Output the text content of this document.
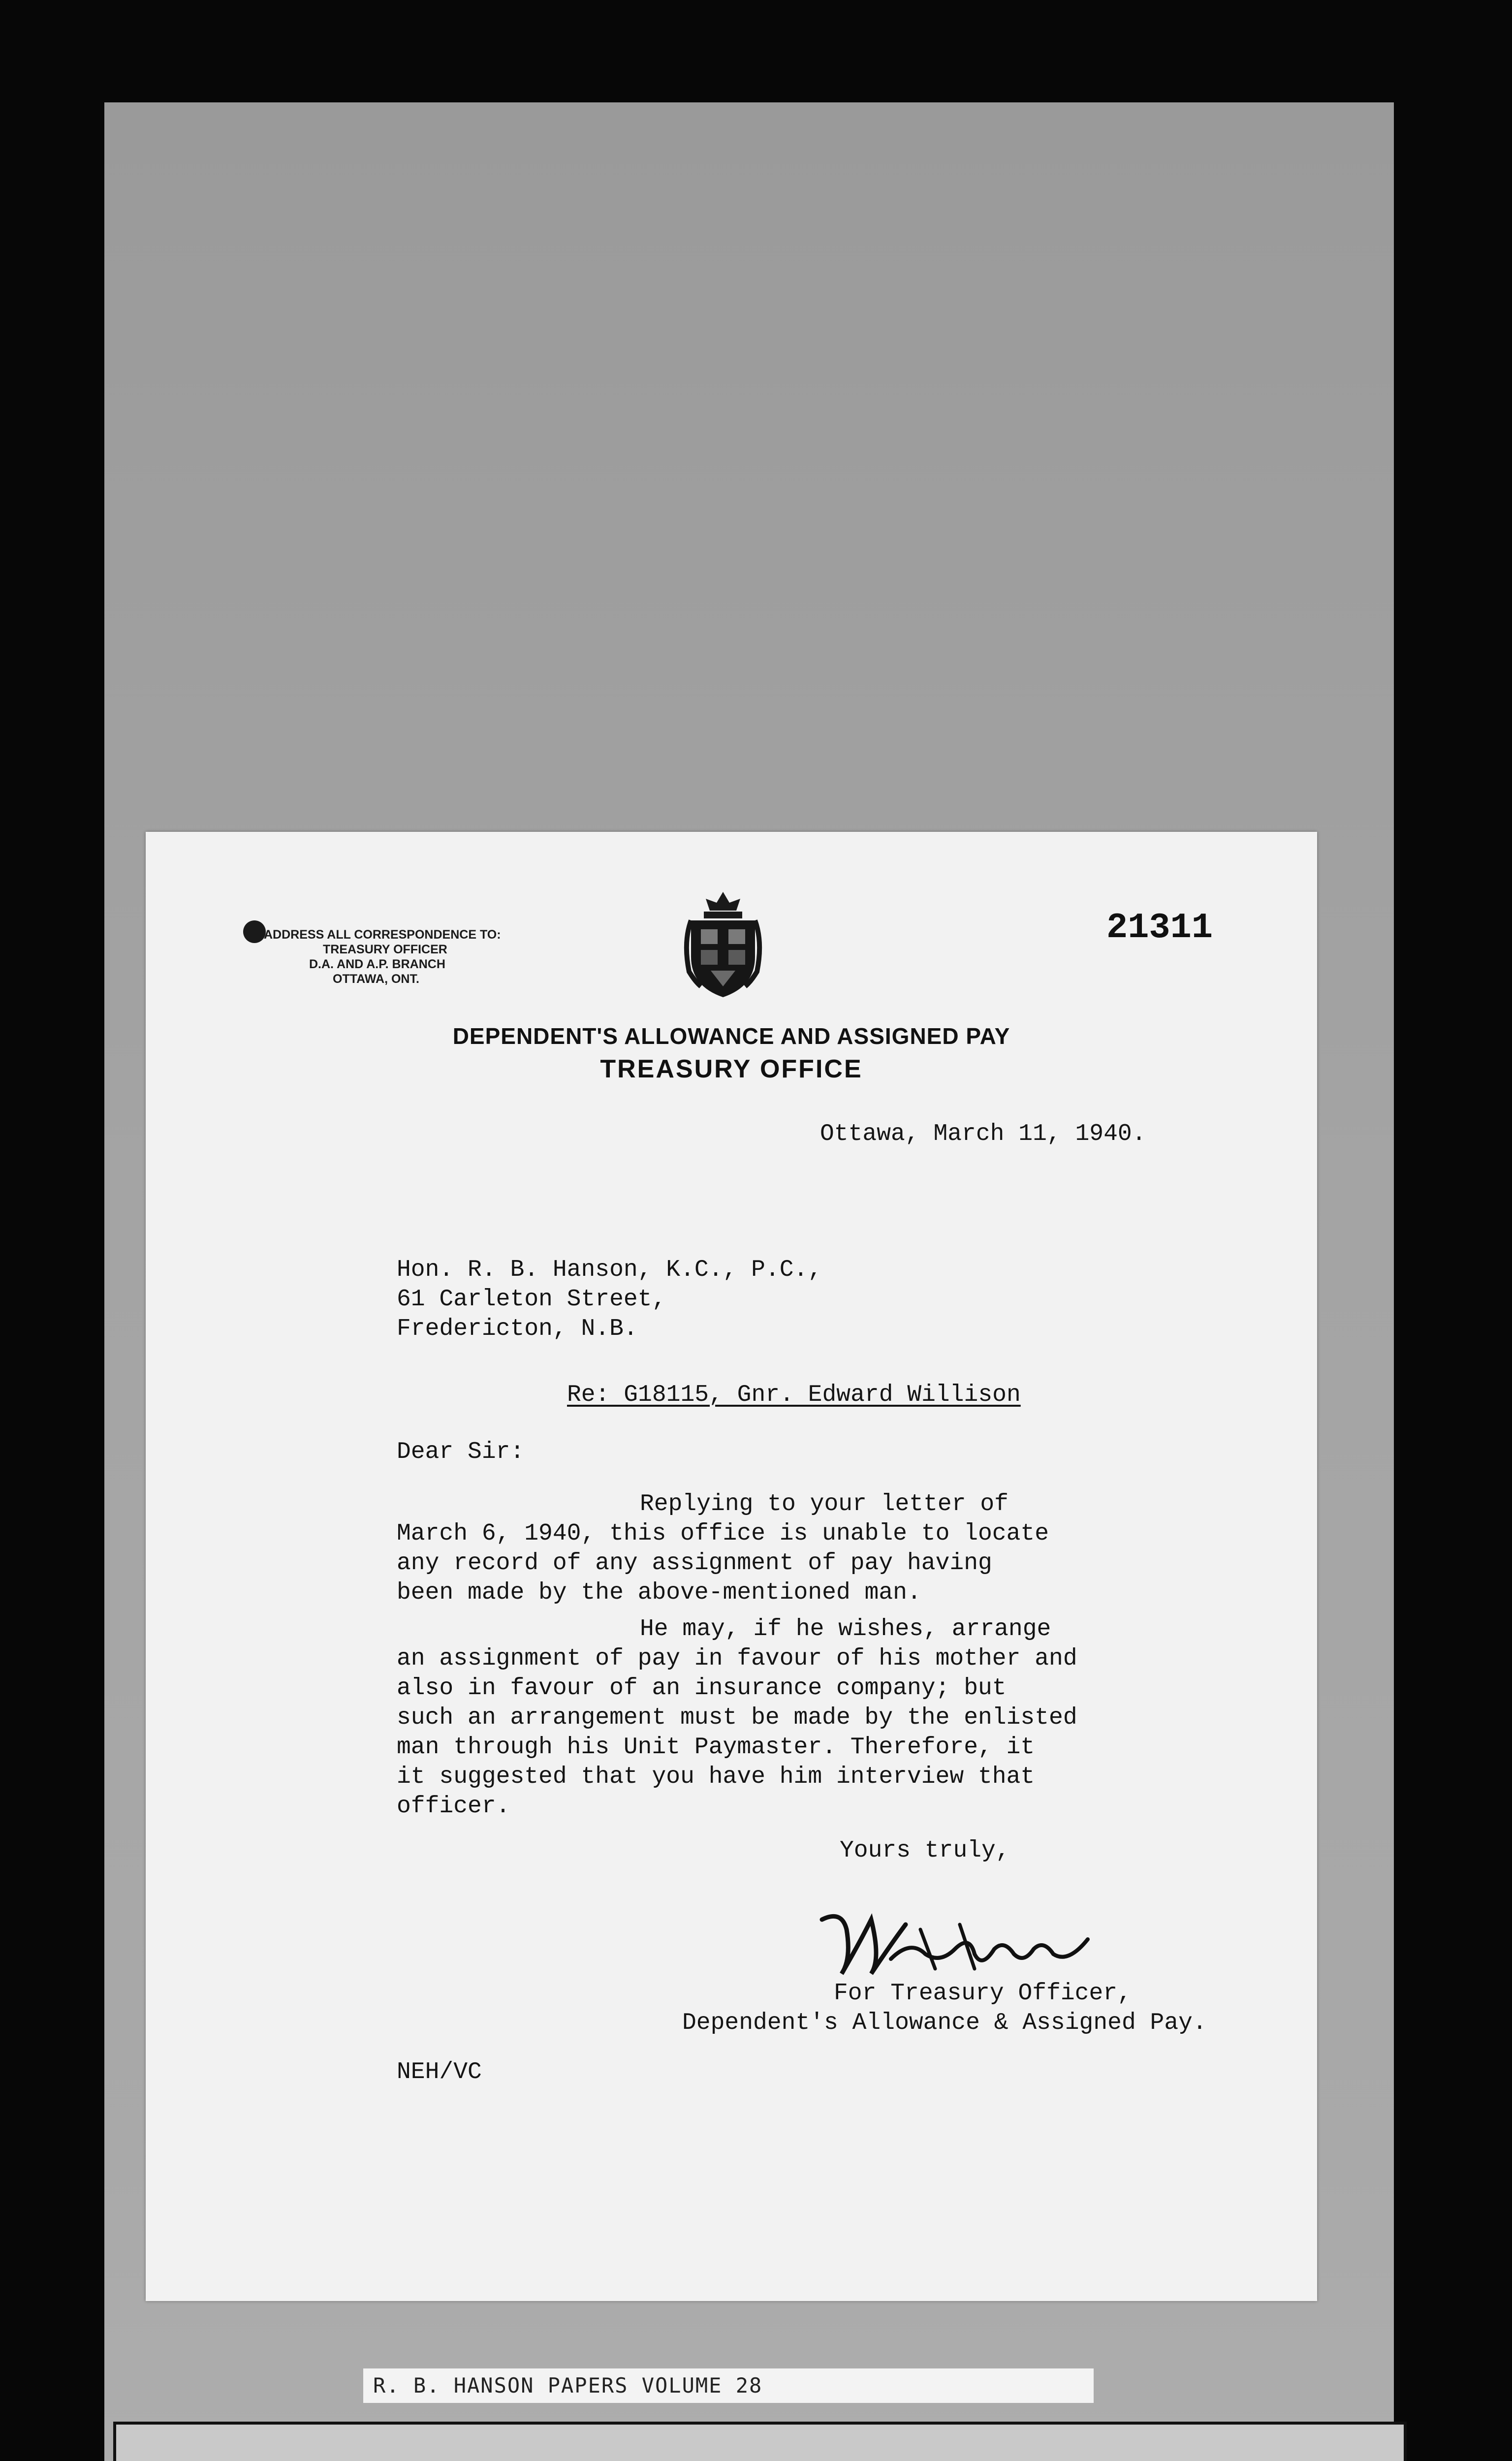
ADDRESS ALL CORRESPONDENCE TO:
TREASURY OFFICER
D.A. AND A.P. BRANCH
OTTAWA, ONT.
21311
DEPENDENT'S ALLOWANCE AND ASSIGNED PAY
TREASURY OFFICE
Ottawa, March 11, 1940.
Hon. R. B. Hanson, K.C., P.C.,
61 Carleton Street,
Fredericton, N.B.
Re: G18115, Gnr. Edward Willison
Dear Sir:
Replying to your letter of
March 6, 1940, this office is unable to locate
any record of any assignment of pay having
been made by the above-mentioned man.
He may, if he wishes, arrange
an assignment of pay in favour of his mother and
also in favour of an insurance company; but
such an arrangement must be made by the enlisted
man through his Unit Paymaster. Therefore, it
it suggested that you have him interview that
officer.
Yours truly,
For Treasury Officer,
Dependent's Allowance & Assigned Pay.
NEH/VC
R. B. HANSON PAPERS VOLUME 28
